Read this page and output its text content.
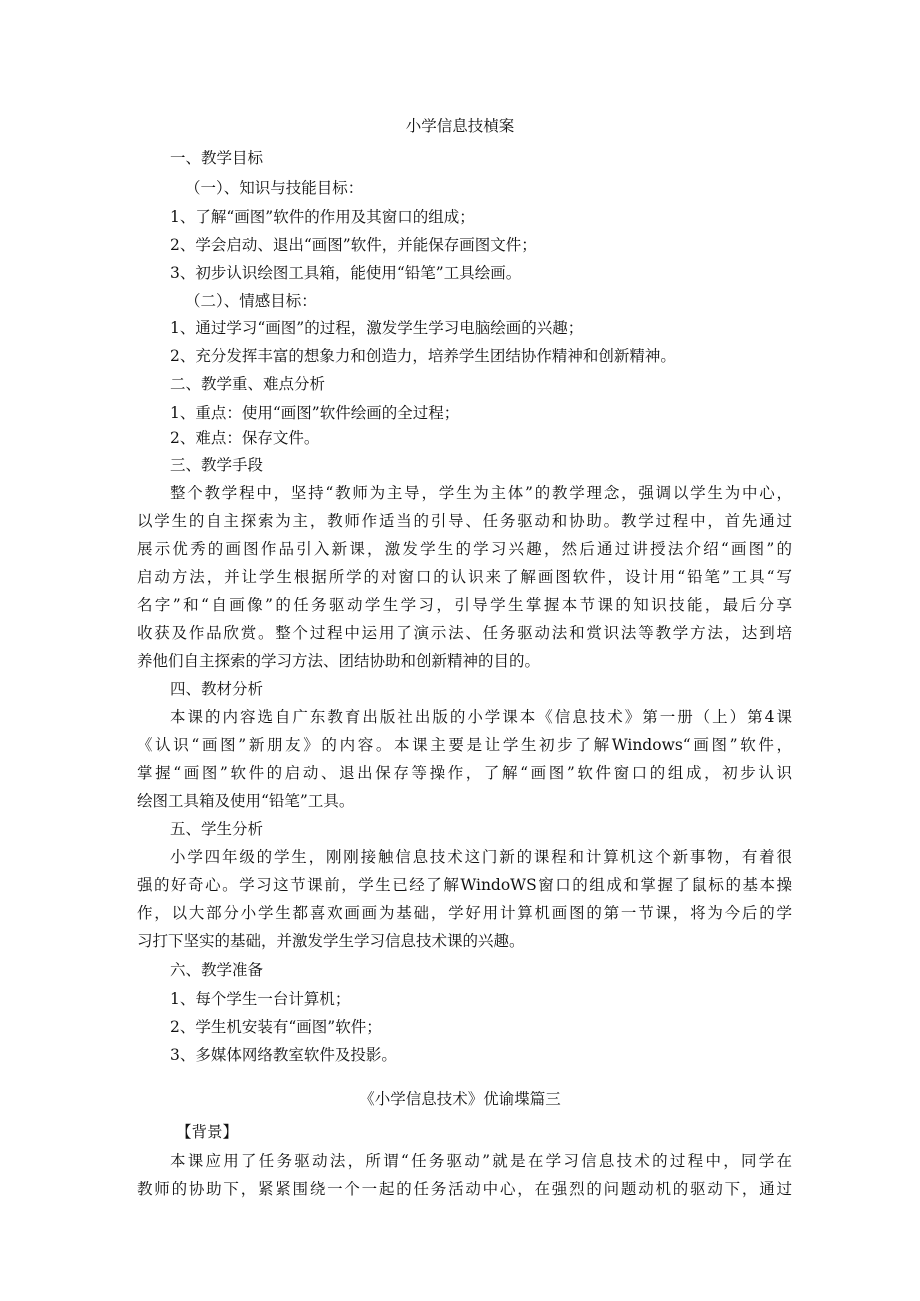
小学信息技楨案
一、教学目标
（一）、知识与技能目标：
1、了解“画图”软件的作用及其窗口的组成；
2、学会启动、退出“画图”软件，并能保存画图文件；
3、初步认识绘图工具箱，能使用“铅笔”工具绘画。
（二）、情感目标：
1、通过学习“画图”的过程，激发学生学习电脑绘画的兴趣；
2、充分发挥丰富的想象力和创造力，培养学生团结协作精神和创新精神。
二、教学重、难点分析
1、重点：使用“画图”软件绘画的全过程；
2、难点：保存文件。
三、教学手段
整个教学程中，坚持“教师为主导，学生为主体”的教学理念，强调以学生为中心，
以学生的自主探索为主，教师作适当的引导、任务驱动和协助。教学过程中，首先通过
展示优秀的画图作品引入新课，激发学生的学习兴趣，然后通过讲授法介绍“画图”的
启动方法，并让学生根据所学的对窗口的认识来了解画图软件，设计用“铅笔”工具“写
名字”和“自画像”的任务驱动学生学习，引导学生掌握本节课的知识技能，最后分享
收获及作品欣赏。整个过程中运用了演示法、任务驱动法和赏识法等教学方法，达到培
养他们自主探索的学习方法、团结协助和创新精神的目的。
四、教材分析
本课的内容选自广东教育出版社出版的小学课本《信息技术》第一册（上）第4课
《认识“画图”新朋友》的内容。本课主要是让学生初步了解Windows“画图”软件，
掌握“画图”软件的启动、退出保存等操作，了解“画图”软件窗口的组成，初步认识
绘图工具箱及使用“铅笔”工具。
五、学生分析
小学四年级的学生，刚刚接触信息技术这门新的课程和计算机这个新事物，有着很
强的好奇心。学习这节课前，学生已经了解WindoWS窗口的组成和掌握了鼠标的基本操
作，以大部分小学生都喜欢画画为基础，学好用计算机画图的第一节课，将为今后的学
习打下坚实的基础，并激发学生学习信息技术课的兴趣。
六、教学准备
1、每个学生一台计算机；
2、学生机安装有“画图”软件；
3、多媒体网络教室软件及投影。
《小学信息技术》优谕堞篇三
【背景】
本课应用了任务驱动法，所谓“任务驱动”就是在学习信息技术的过程中，同学在
教师的协助下，紧紧围绕一个一起的任务活动中心，在强烈的问题动机的驱动下，通过
